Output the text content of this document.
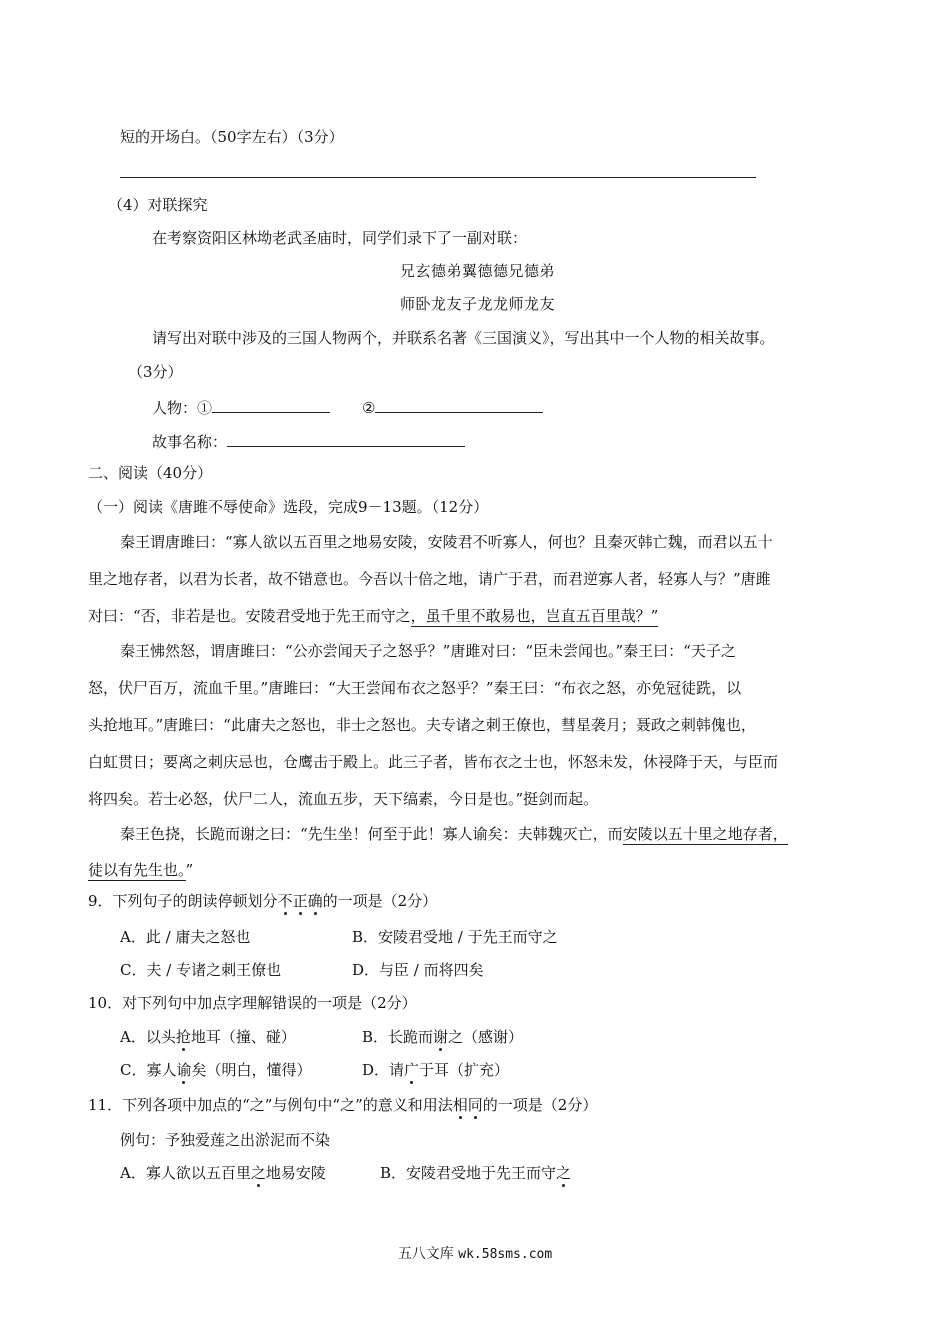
短的开场白。（50字左右）（3分）
（4）对联探究
在考察资阳区林坳老武圣庙时，同学们录下了一副对联：
兄玄德弟翼德德兄德弟
师卧龙友子龙龙师龙友
请写出对联中涉及的三国人物两个，并联系名著《三国演义》，写出其中一个人物的相关故事。
（3分）
人物：①	②
故事名称：
二、阅读（40分）
（一）阅读《唐雎不辱使命》选段，完成9－13题。（12分）
秦王谓唐雎曰：“寡人欲以五百里之地易安陵，安陵君不听寡人，何也？且秦灭韩亡魏，而君以五十
里之地存者，以君为长者，故不错意也。今吾以十倍之地，请广于君，而君逆寡人者，轻寡人与？”唐雎
对曰：“否，非若是也。安陵君受地于先王而守之，虽千里不敢易也，岂直五百里哉？”
秦王怫然怒，谓唐雎曰：“公亦尝闻天子之怒乎？”唐雎对曰：“臣未尝闻也。”秦王曰：“天子之
怒，伏尸百万，流血千里。”唐雎曰：“大王尝闻布衣之怒乎？”秦王曰：“布衣之怒，亦免冠徒跣，以
头抢地耳。”唐雎曰：“此庸夫之怒也，非士之怒也。夫专诸之刺王僚也，彗星袭月；聂政之刺韩傀也，
白虹贯日；要离之刺庆忌也，仓鹰击于殿上。此三子者，皆布衣之士也，怀怒未发，休祲降于天，与臣而
将四矣。若士必怒，伏尸二人，流血五步，天下缟素，今日是也。”挺剑而起。
秦王色挠，长跪而谢之曰：“先生坐！何至于此！寡人谕矣：夫韩魏灭亡，而安陵以五十里之地存者，
徒以有先生也。”
9．下列句子的朗读停顿划分不正确的一项是（2分）
A．此 / 庸夫之怒也	B．安陵君受地 / 于先王而守之
C．夫 / 专诸之刺王僚也	D．与臣 / 而将四矣
10．对下列句中加点字理解错误的一项是（2分）
A．以头抢地耳（撞、碰）	B．长跪而谢之（感谢）
C．寡人谕矣（明白，懂得）	D．请广于耳（扩充）
11．下列各项中加点的“之”与例句中“之”的意义和用法相同的一项是（2分）
例句：予独爱莲之出淤泥而不染
A．寡人欲以五百里之地易安陵	B．安陵君受地于先王而守之
五八文库 wk.58sms.com
